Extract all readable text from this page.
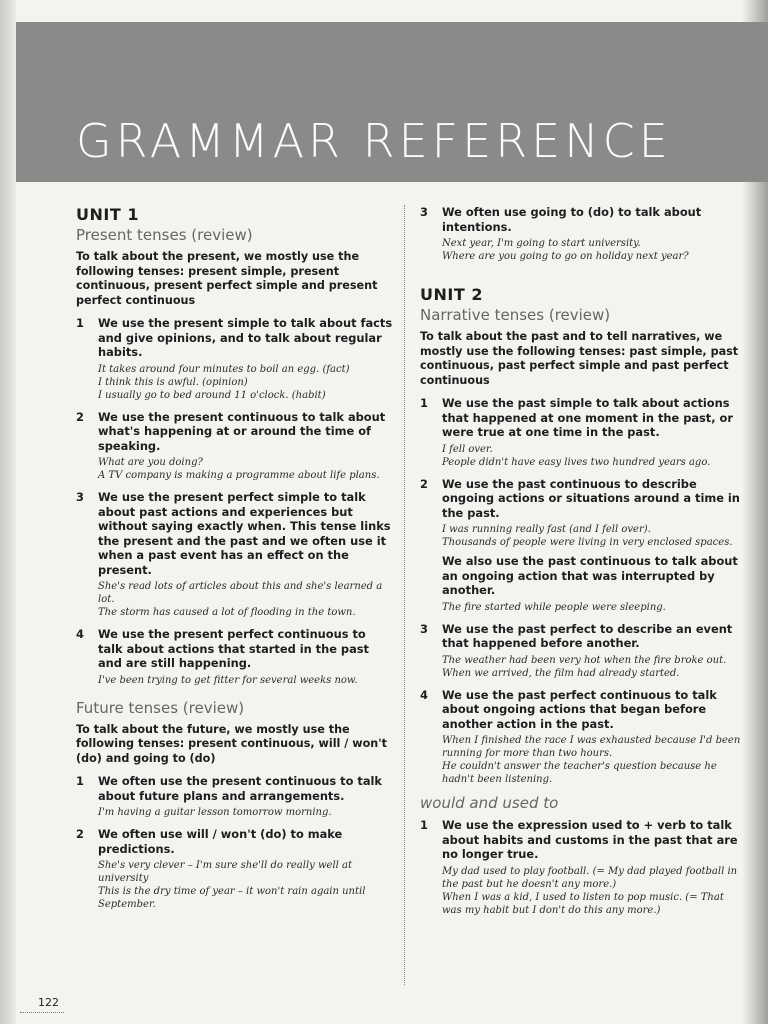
GRAMMAR REFERENCE
UNIT 1
Present tenses (review)

To talk about the present, we mostly use the following tenses: present simple, present continuous, present perfect simple and present perfect continuous

1 We use the present simple to talk about facts and give opinions, and to talk about regular habits.

It takes around four minutes to boil an egg. (fact)

I think this is awful. (opinion)

I usually go to bed around 11 o'clock. (habit)

2 We use the present continuous to talk about what's happening at or around the time of speaking.

What are you doing?

A TV company is making a programme about life plans.

3 We use the present perfect simple to talk about past actions and experiences but without saying exactly when. This tense links the present and the past and we often use it when a past event has an effect on the present.

She's read lots of articles about this and she's learned a lot.

The storm has caused a lot of flooding in the town.

4 We use the present perfect continuous to talk about actions that started in the past and are still happening.

I've been trying to get fitter for several weeks now.

Future tenses (review)

To talk about the future, we mostly use the following tenses: present continuous, will / won't (do) and going to (do)

1 We often use the present continuous to talk about future plans and arrangements.

I'm having a guitar lesson tomorrow morning.

2 We often use will / won't (do) to make predictions.

She's very clever – I'm sure she'll do really well at university

This is the dry time of year – it won't rain again until September.

3 We often use going to (do) to talk about intentions.

Next year, I'm going to start university.

Where are you going to go on holiday next year?

UNIT 2
Narrative tenses (review)

To talk about the past and to tell narratives, we mostly use the following tenses: past simple, past continuous, past perfect simple and past perfect continuous

1 We use the past simple to talk about actions that happened at one moment in the past, or were true at one time in the past.

I fell over.

People didn't have easy lives two hundred years ago.

2 We use the past continuous to describe ongoing actions or situations around a time in the past.

I was running really fast (and I fell over).

Thousands of people were living in very enclosed spaces.

We also use the past continuous to talk about an ongoing action that was interrupted by another.

The fire started while people were sleeping.

3 We use the past perfect to describe an event that happened before another.

The weather had been very hot when the fire broke out.

When we arrived, the film had already started.

4 We use the past perfect continuous to talk about ongoing actions that began before another action in the past.

When I finished the race I was exhausted because I'd been running for more than two hours.

He couldn't answer the teacher's question because he hadn't been listening.

would and used to
1 We use the expression used to + verb to talk about habits and customs in the past that are no longer true.

My dad used to play football. (= My dad played football in the past but he doesn't any more.)

When I was a kid, I used to listen to pop music. (= That was my habit but I don't do this any more.)

122
